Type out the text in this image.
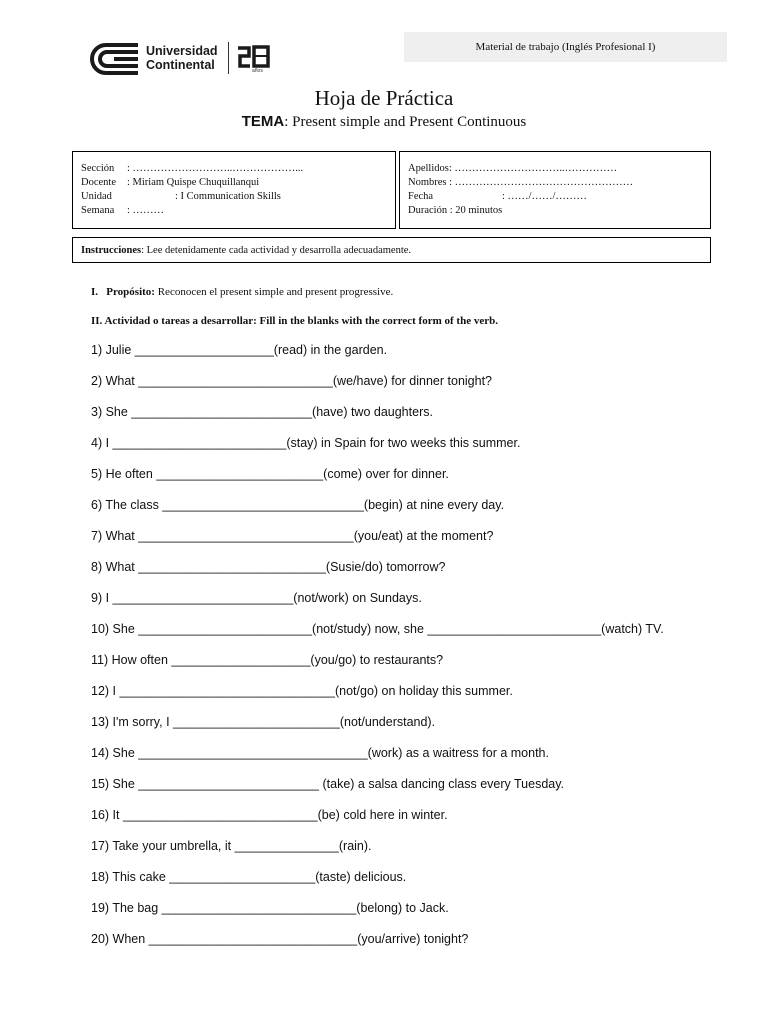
Material de trabajo (Inglés Profesional I)
Universidad
Continental	años
Hoja de Práctica
TEMA: Present simple and Present Continuous
Sección	: ………………………..………………...
Docente	: Miriam Quispe Chuquillanqui
Unidad	: I Communication Skills
Semana	: ………
Apellidos : …………………………..……………
Nombres
: ……………………………………………
Fecha	: ……/……/………
Duración
: 20 minutos
Instrucciones: Lee detenidamente cada actividad y desarrolla adecuadamente.
I. Propósito: Reconocen el present simple and present progressive.
II. Actividad o tareas a desarrollar: Fill in the blanks with the correct form of the verb.
1) Julie ____________________(read) in the garden.
2) What ____________________________(we/have) for dinner tonight?
3) She __________________________(have) two daughters.
4) I _________________________(stay) in Spain for two weeks this summer.
5) He often ________________________(come) over for dinner.
6) The class _____________________________(begin) at nine every day.
7) What _______________________________(you/eat) at the moment?
8) What ___________________________(Susie/do) tomorrow?
9) I __________________________(not/work) on Sundays.
10) She _________________________(not/study) now, she _________________________(watch) TV.
11) How often ____________________(you/go) to restaurants?
12) I _______________________________(not/go) on holiday this summer.
13) I'm sorry, I ________________________(not/understand).
14) She _________________________________(work) as a waitress for a month.
15) She __________________________ (take) a salsa dancing class every Tuesday.
16) It ____________________________(be) cold here in winter.
17) Take your umbrella, it _______________(rain).
18) This cake _____________________(taste) delicious.
19) The bag ____________________________(belong) to Jack.
20) When ______________________________(you/arrive) tonight?
